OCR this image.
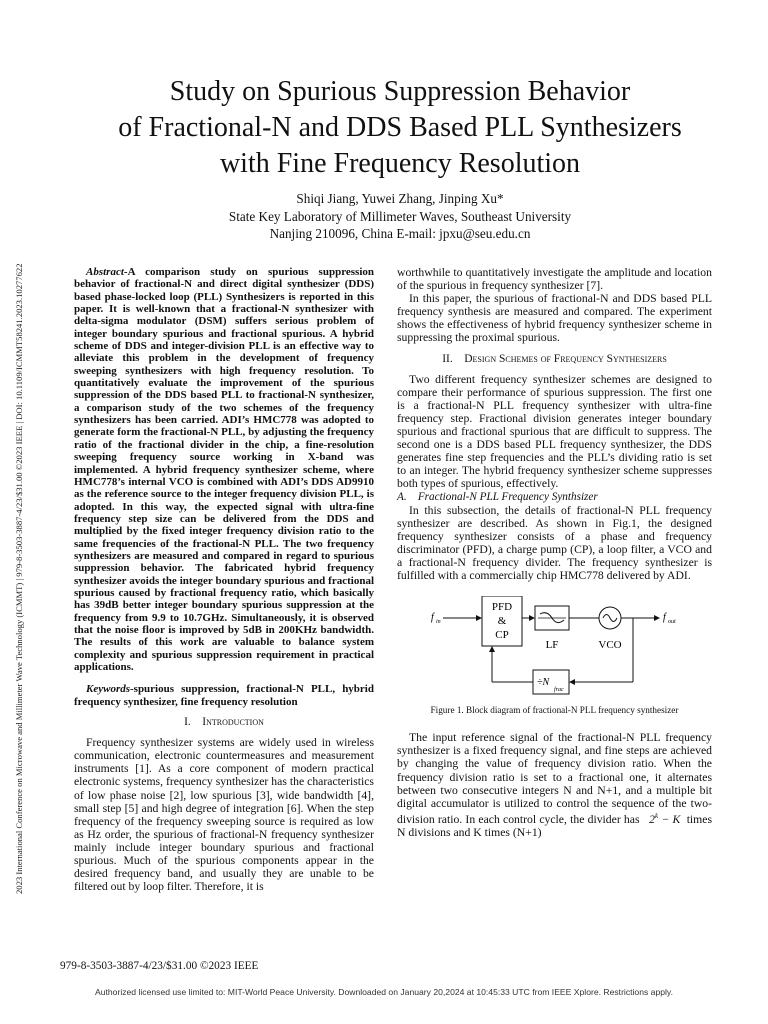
2023 International Conference on Microwave and Millimeter Wave Technology (ICMMT) | 979-8-3503-3887-4/23/$31.00 ©2023 IEEE | DOI: 10.1109/ICMMT58241.2023.10277622
Study on Spurious Suppression Behavior
of Fractional-N and DDS Based PLL Synthesizers
with Fine Frequency Resolution
Shiqi Jiang, Yuwei Zhang, Jinping Xu*
State Key Laboratory of Millimeter Waves, Southeast University
Nanjing 210096, China E-mail: jpxu@seu.edu.cn

Abstract-A comparison study on spurious suppression behavior of fractional-N and direct digital synthesizer (DDS) based phase-locked loop (PLL) Synthesizers is reported in this paper. It is well-known that a fractional-N synthesizer with delta-sigma modulator (DSM) suffers serious problem of integer boundary spurious and fractional spurious. A hybrid scheme of DDS and integer-division PLL is an effective way to alleviate this problem in the development of frequency sweeping synthesizers with high frequency resolution. To quantitatively evaluate the improvement of the spurious suppression of the DDS based PLL to fractional-N synthesizer, a comparison study of the two schemes of the frequency synthesizers has been carried. ADI’s HMC778 was adopted to generate form the fractional-N PLL, by adjusting the frequency ratio of the fractional divider in the chip, a fine-resolution sweeping frequency source working in X-band was implemented. A hybrid frequency synthesizer scheme, where HMC778’s internal VCO is combined with ADI’s DDS AD9910 as the reference source to the integer frequency division PLL, is adopted. In this way, the expected signal with ultra-fine frequency step size can be delivered from the DDS and multiplied by the fixed integer frequency division ratio to the same frequencies of the fractional-N PLL. The two frequency synthesizers are measured and compared in regard to spurious suppression behavior. The fabricated hybrid frequency synthesizer avoids the integer boundary spurious and fractional spurious caused by fractional frequency ratio, which basically has 39dB better integer boundary spurious suppression at the frequency from 9.9 to 10.7GHz. Simultaneously, it is observed that the noise floor is improved by 5dB in 200KHz bandwidth. The results of this work are valuable to balance system complexity and spurious suppression requirement in practical applications.

Keywords-spurious suppression, fractional-N PLL, hybrid frequency synthesizer, fine frequency resolution

I. Introduction

Frequency synthesizer systems are widely used in wireless communication, electronic countermeasures and measurement instruments [1]. As a core component of modern practical electronic systems, frequency synthesizer has the characteristics of low phase noise [2], low spurious [3], wide bandwidth [4], small step [5] and high degree of integration [6]. When the step frequency of the frequency sweeping source is required as low as Hz order, the spurious of fractional-N frequency synthesizer mainly include integer boundary spurious and fractional spurious. Much of the spurious components appear in the desired frequency band, and usually they are unable to be filtered out by loop filter. Therefore, it is

worthwhile to quantitatively investigate the amplitude and location of the spurious in frequency synthesizer [7].

In this paper, the spurious of fractional-N and DDS based PLL frequency synthesis are measured and compared. The experiment shows the effectiveness of hybrid frequency synthesizer scheme in suppressing the proximal spurious.

II. Design Schemes of Frequency Synthesizers

Two different frequency synthesizer schemes are designed to compare their performance of spurious suppression. The first one is a fractional-N PLL frequency synthesizer with ultra-fine frequency step. Fractional division generates integer boundary spurious and fractional spurious that are difficult to suppress. The second one is a DDS based PLL frequency synthesizer, the DDS generates fine step frequencies and the PLL’s dividing ratio is set to an integer. The hybrid frequency synthesizer scheme suppresses both types of spurious, effectively.

A. Fractional-N PLL Frequency Synthsizer

In this subsection, the details of fractional-N PLL frequency synthesizer are described. As shown in Fig.1, the designed frequency synthesizer consists of a phase and frequency discriminator (PFD), a charge pump (CP), a loop filter, a VCO and a fractional-N frequency divider. The frequency synthesizer is fulfilled with a commercially chip HMC778 delivered by ADI.

f in
PFD
&
CP
LF	VCO
f out
÷N
frac

Figure 1. Block diagram of fractional-N PLL frequency synthesizer

The input reference signal of the fractional-N PLL frequency synthesizer is a fixed frequency signal, and fine steps are achieved by changing the value of frequency division ratio. When the frequency division ratio is set to a fractional one, it alternates between two consecutive integers N and N+1, and a multiple bit digital accumulator is utilized to control the sequence of the two-division ratio. In each control cycle, the divider has $2^k - K$ times N divisions and K times (N+1)

979-8-3503-3887-4/23/$31.00 ©2023 IEEE
Authorized licensed use limited to: MIT-World Peace University. Downloaded on January 20,2024 at 10:45:33 UTC from IEEE Xplore. Restrictions apply.
